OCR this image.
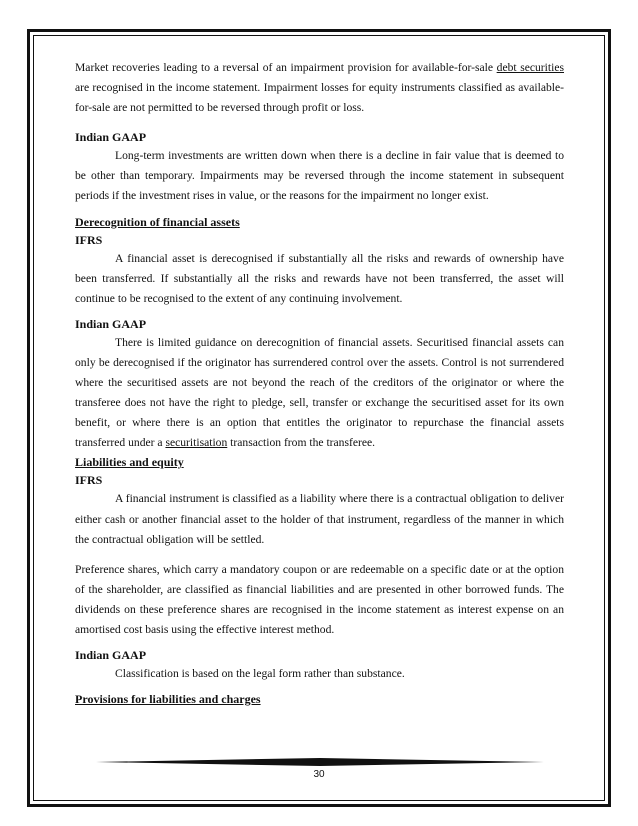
Market recoveries leading to a reversal of an impairment provision for available-for-sale debt securities are recognised in the income statement. Impairment losses for equity instruments classified as available-for-sale are not permitted to be reversed through profit or loss.

Indian GAAP

Long-term investments are written down when there is a decline in fair value that is deemed to be other than temporary. Impairments may be reversed through the income statement in subsequent periods if the investment rises in value, or the reasons for the impairment no longer exist.

Derecognition of financial assets
IFRS

A financial asset is derecognised if substantially all the risks and rewards of ownership have been transferred. If substantially all the risks and rewards have not been transferred, the asset will continue to be recognised to the extent of any continuing involvement.

Indian GAAP

There is limited guidance on derecognition of financial assets. Securitised financial assets can only be derecognised if the originator has surrendered control over the assets. Control is not surrendered where the securitised assets are not beyond the reach of the creditors of the originator or where the transferee does not have the right to pledge, sell, transfer or exchange the securitised asset for its own benefit, or where there is an option that entitles the originator to repurchase the financial assets transferred under a securitisation transaction from the transferee.

Liabilities and equity
IFRS

A financial instrument is classified as a liability where there is a contractual obligation to deliver either cash or another financial asset to the holder of that instrument, regardless of the manner in which the contractual obligation will be settled.

Preference shares, which carry a mandatory coupon or are redeemable on a specific date or at the option of the shareholder, are classified as financial liabilities and are presented in other borrowed funds. The dividends on these preference shares are recognised in the income statement as interest expense on an amortised cost basis using the effective interest method.

Indian GAAP

Classification is based on the legal form rather than substance.

Provisions for liabilities and charges
30
